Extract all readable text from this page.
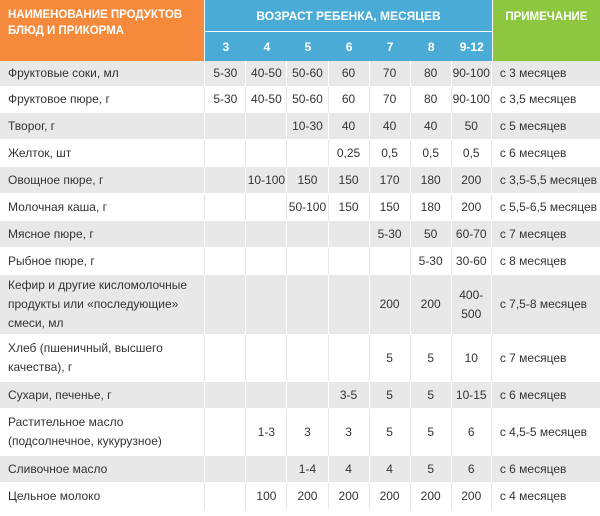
НАИМЕНОВАНИЕ ПРОДУКТОВ БЛЮД И ПРИКОРМА	ВОЗРАСТ РЕБЕНКА, МЕСЯЦЕВ							ПРИМЕЧАНИЕ
	3	4	5	6	7	8	9-12	
Фруктовые соки, мл	5-30	40-50	50-60	60	70	80	90-100	с 3 месяцев
Фруктовое пюре, г	5-30	40-50	50-60	60	70	80	90-100	с 3,5 месяцев
Творог, г			10-30	40	40	40	50	с 5 месяцев
Желток, шт				0,25	0,5	0,5	0,5	с 6 месяцев
Овощное пюре, г		10-100	150	150	170	180	200	с 3,5-5,5 месяцев
Молочная каша, г			50-100	150	150	180	200	с 5,5-6,5 месяцев
Мясное пюре, г					5-30	50	60-70	с 7 месяцев
Рыбное пюре, г						5-30	30-60	с 8 месяцев
Кефир и другие кисломолочные продукты или «последующие» смеси, мл					200	200	400-500	с 7,5-8 месяцев
Хлеб (пшеничный, высшего качества), г					5	5	10	с 7 месяцев
Сухари, печенье, г				3-5	5	5	10-15	с 6 месяцев
Растительное масло (подсолнечное, кукурузное)		1-3	3	3	5	5	6	с 4,5-5 месяцев
Сливочное масло			1-4	4	4	5	6	с 6 месяцев
Цельное молоко		100	200	200	200	200	200	с 4 месяцев
